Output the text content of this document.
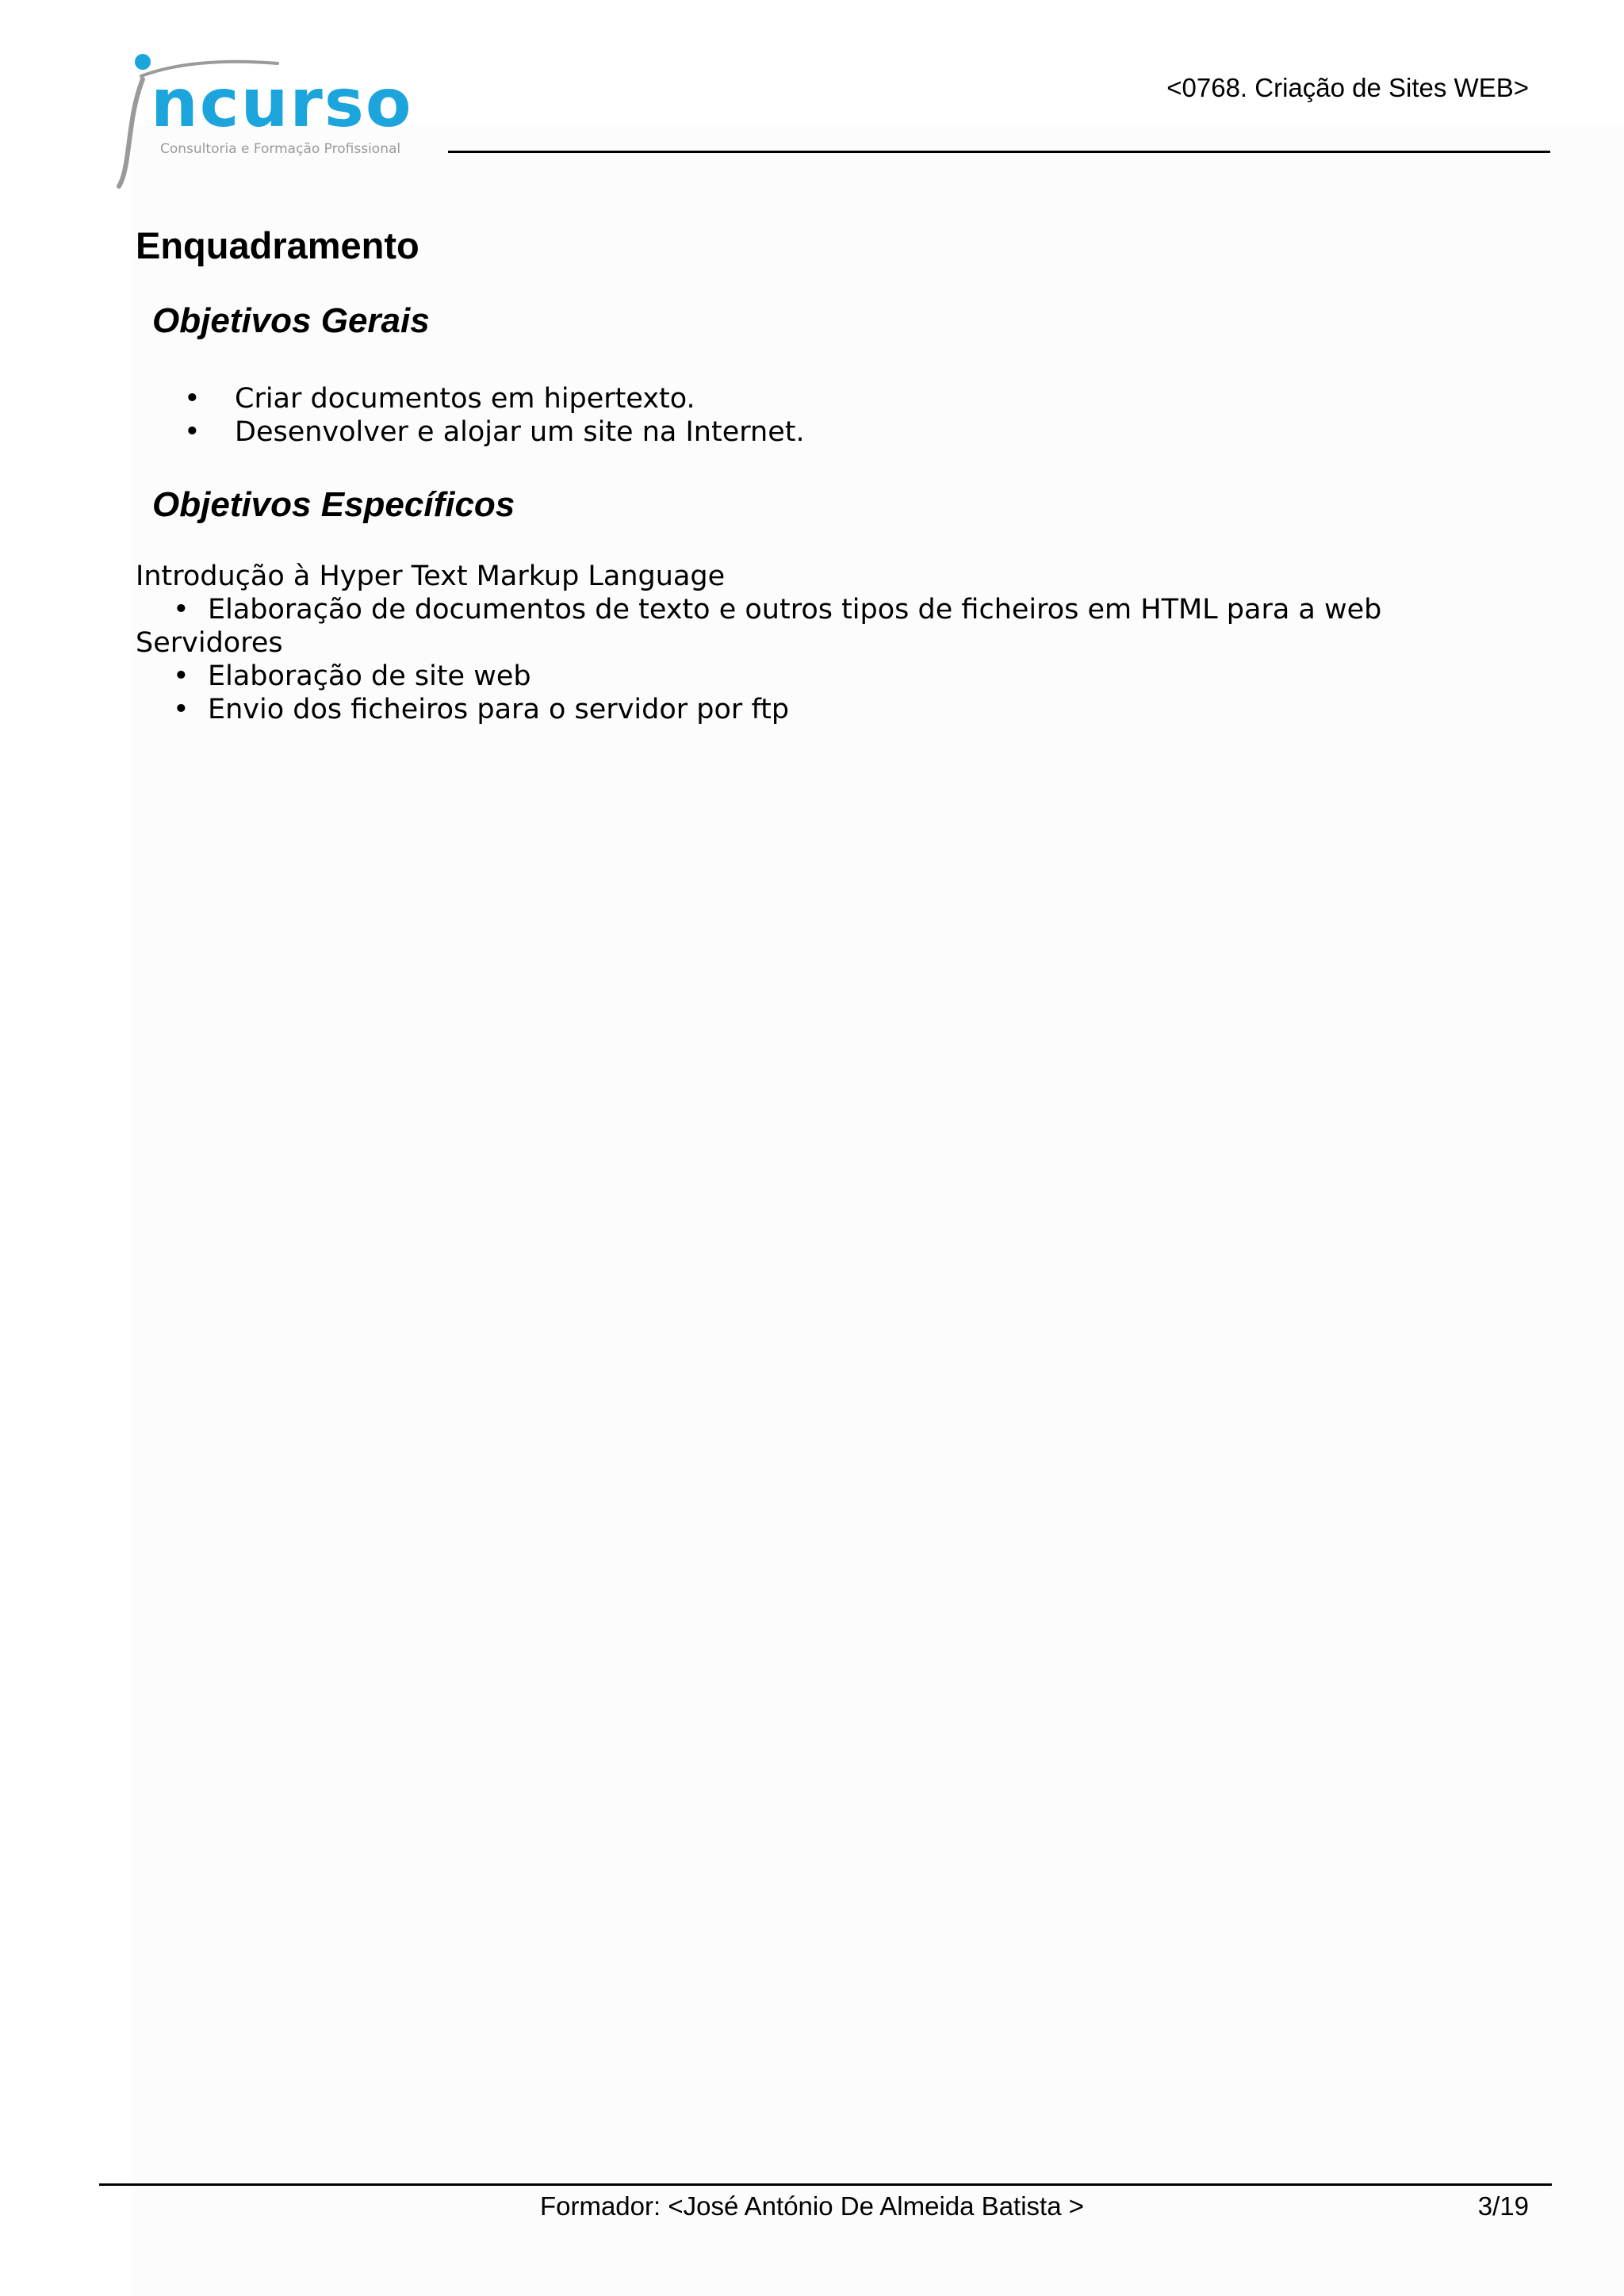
ncurso
Consultoria e Formação Profissional
<0768. Criação de Sites WEB>
Enquadramento
Objetivos Gerais
• Criar documentos em hipertexto.
• Desenvolver e alojar um site na Internet.
Objetivos Específicos
Introdução à Hyper Text Markup Language
• Elaboração de documentos de texto e outros tipos de ficheiros em HTML para a web
Servidores
• Elaboração de site web
• Envio dos ficheiros para o servidor por ftp
Formador: <José António De Almeida Batista >	3/19
